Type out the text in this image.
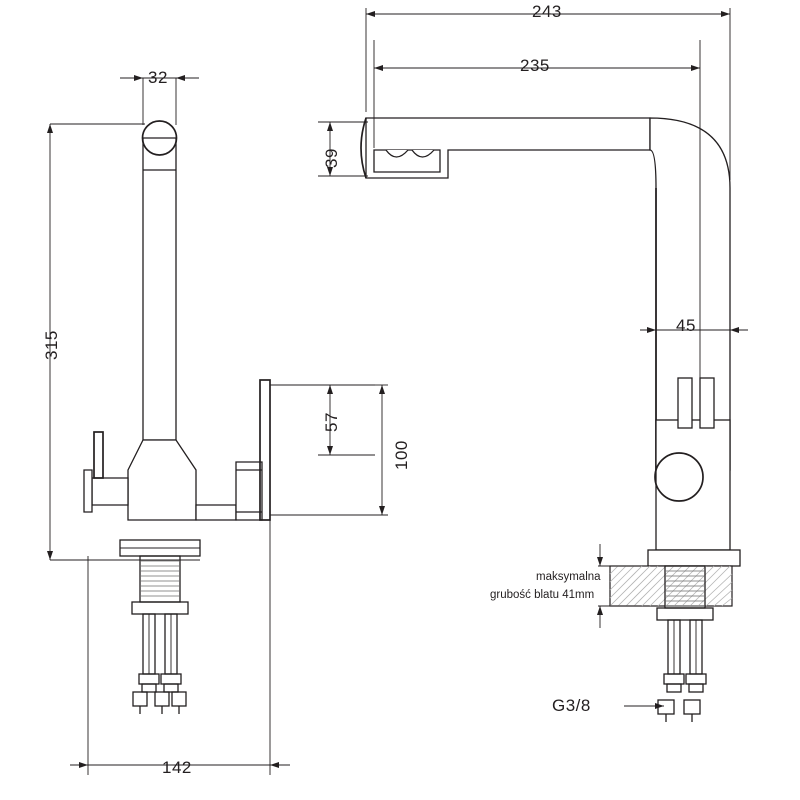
243
235
39
32
315
45
57
100
142
maksymalna
grubość blatu 41mm
G3/8
